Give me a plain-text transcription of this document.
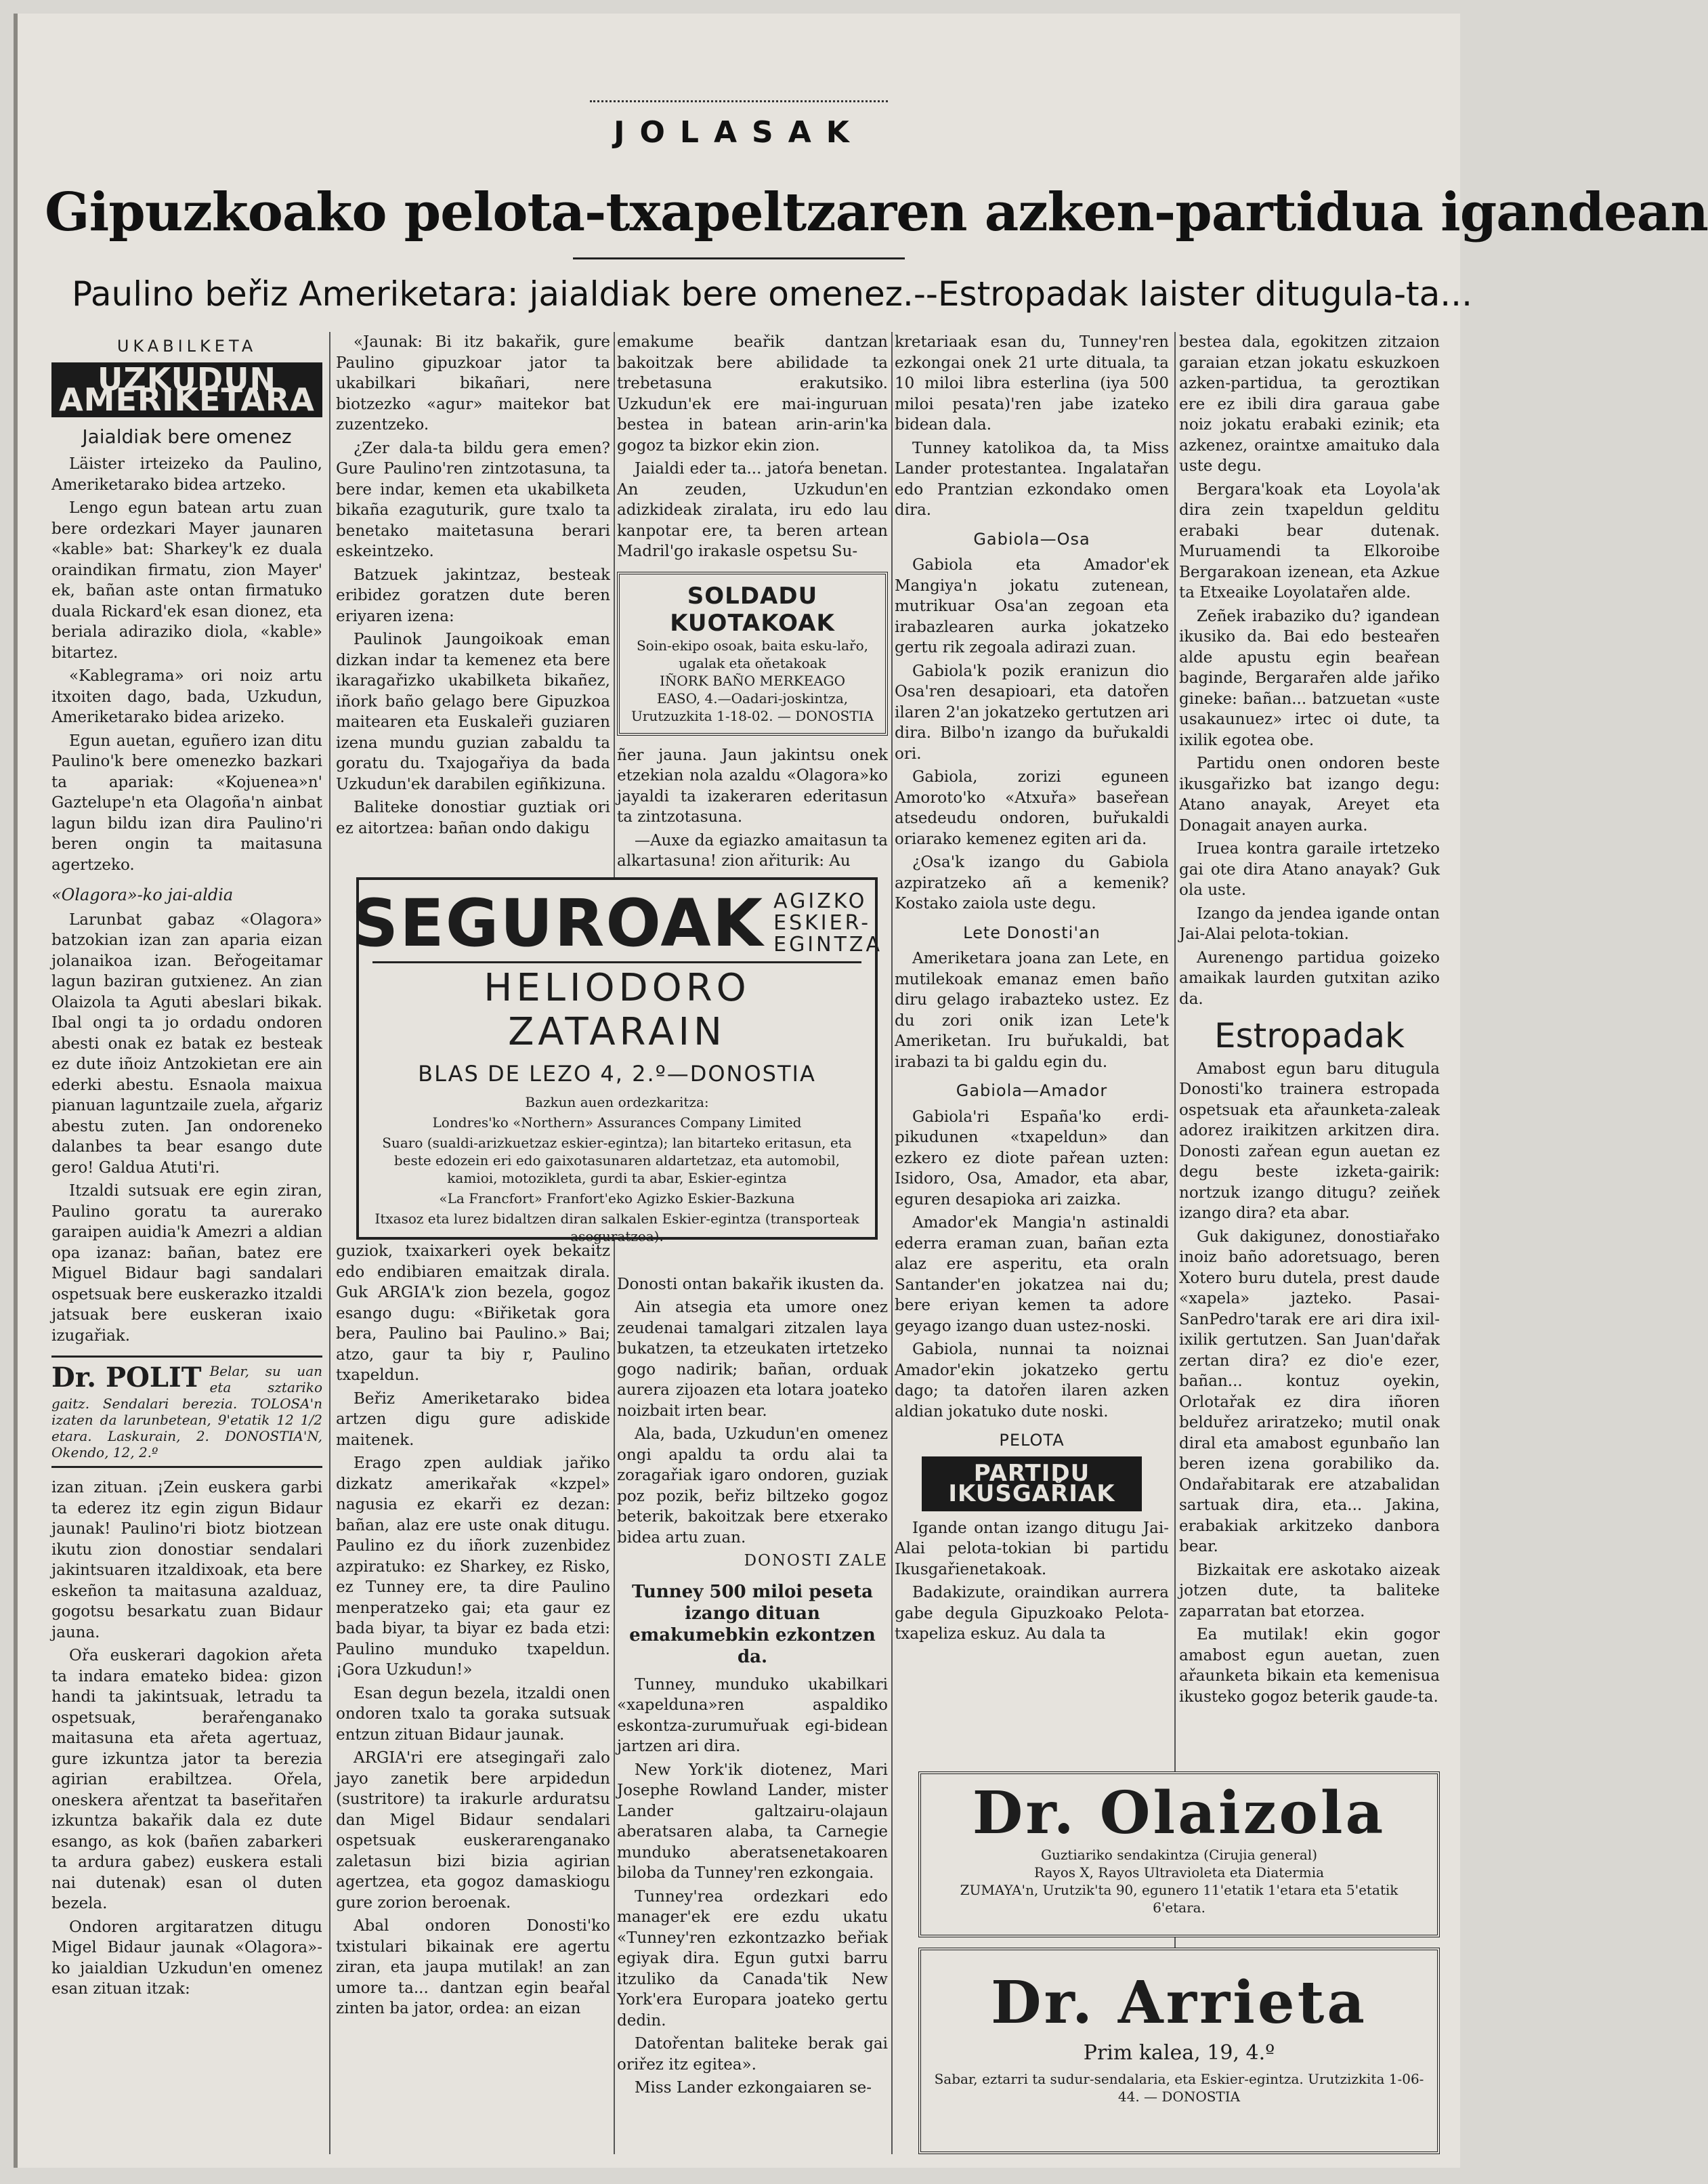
JOLASAK
Gipuzkoako pelota-txapeltzaren azken-partidua igandean
Paulino beřiz Ameriketara: jaialdiak bere omenez.--Estropadak laister ditugula-ta...
UKABILKETA
UZKUDUN AMERIKETARA
Jaialdiak bere omenez

Läister irteizeko da Paulino, Ameriketarako bidea artzeko.

Lengo egun batean artu zuan bere ordezkari Mayer jaunaren «kable» bat: Sharkey'k ez duala oraindikan firmatu, zion Mayer' ek, bañan aste ontan firmatuko duala Rickard'ek esan dionez, eta beriala adiraziko diola, «kable» bitartez.

«Kablegrama» ori noiz artu itxoiten dago, bada, Uzkudun, Ameriketarako bidea arizeko.

Egun auetan, eguñero izan ditu Paulino'k bere omenezko bazkari ta apariak: «Kojuenea»n' Gaztelupe'n eta Olagoña'n ainbat lagun bildu izan dira Paulino'ri beren ongin ta maitasuna agertzeko.

«Olagora»-ko jai-aldia

Larunbat gabaz «Olagora» batzokian izan zan aparia eizan jolanaikoa izan. Beřogeitamar lagun baziran gutxienez. An zian Olaizola ta Aguti abeslari bikak. Ibal ongi ta jo ordadu ondoren abesti onak ez batak ez besteak ez dute iñoiz Antzokietan ere ain ederki abestu. Esnaola maixua pianuan laguntzaile zuela, ařgariz abestu zuten. Jan ondoreneko dalanbes ta bear esango dute gero! Galdua Atuti'ri.

Itzaldi sutsuak ere egin ziran, Paulino goratu ta aurerako garaipen auidia'k Amezri a aldian opa izanaz: bañan, batez ere Miguel Bidaur bagi sandalari ospetsuak bere euskerazko itzaldi jatsuak bere euskeran ixaio izugařiak.

Dr. POLIT Belar, su uan eta sztariko gaitz. Sendalari berezia. TOLOSA'n izaten da larunbetean, 9'etatik 12 1/2 etara. Laskurain, 2. DONOSTIA'N, Okendo, 12, 2.º

izan zituan. ¡Zein euskera garbi ta ederez itz egin zigun Bidaur jaunak! Paulino'ri biotz biotzean ikutu zion donostiar sendalari jakintsuaren itzaldixoak, eta bere eskeñon ta maitasuna azalduaz, gogotsu besarkatu zuan Bidaur jauna.

Ořa euskerari dagokion ařeta ta indara emateko bidea: gizon handi ta jakintsuak, letradu ta ospetsuak, berařenganako maitasuna eta ařeta agertuaz, gure izkuntza jator ta berezia agirian erabiltzea. Ořela, oneskera ařentzat ta baseřitařen izkuntza bakařik dala ez dute esango, as kok (bañen zabarkeri ta ardura gabez) euskera estali nai dutenak) esan ol duten bezela.

Ondoren argitaratzen ditugu Migel Bidaur jaunak «Olagora»-ko jaialdian Uzkudun'en omenez esan zituan itzak:

«Jaunak: Bi itz bakařik, gure Paulino gipuzkoar jator ta ukabilkari bikañari, nere biotzezko «agur» maitekor bat zuzentzeko.

¿Zer dala-ta bildu gera emen? Gure Paulino'ren zintzotasuna, ta bere indar, kemen eta ukabilketa bikaña ezaguturik, gure txalo ta benetako maitetasuna berari eskeintzeko.

Batzuek jakintzaz, besteak eribidez goratzen dute beren eriyaren izena:

Paulinok Jaungoikoak eman dizkan indar ta kemenez eta bere ikaragařizko ukabilketa bikañez, iñork baño gelago bere Gipuzkoa maitearen eta Euskaleři guziaren izena mundu guzian zabaldu ta goratu du. Txajogařiya da bada Uzkudun'ek darabilen egiñkizuna.

Baliteke donostiar guztiak ori ez aitortzea: bañan ondo dakigu

guziok, txaixarkeri oyek bekaitz edo endibiaren emaitzak dirala. Guk ARGIA'k zion bezela, gogoz esango dugu: «Biřiketak gora bera, Paulino bai Paulino.» Bai; atzo, gaur ta biy r, Paulino txapeldun.

Beřiz Ameriketarako bidea artzen digu gure adiskide maitenek.

Erago zpen auldiak jařiko dizkatz amerikařak «kzpel» nagusia ez ekarři ez dezan: bañan, alaz ere uste onak ditugu. Paulino ez du iñork zuzenbidez azpiratuko: ez Sharkey, ez Risko, ez Tunney ere, ta dire Paulino menperatzeko gai; eta gaur ez bada biyar, ta biyar ez bada etzi: Paulino munduko txapeldun. ¡Gora Uzkudun!»

Esan degun bezela, itzaldi onen ondoren txalo ta goraka sutsuak entzun zituan Bidaur jaunak.

ARGIA'ri ere atsegingaři zalo jayo zanetik bere arpidedun (sustritore) ta irakurle arduratsu dan Migel Bidaur sendalari ospetsuak euskerarenganako zaletasun bizi bizia agirian agertzea, eta gogoz damaskiogu gure zorion beroenak.

Abal ondoren Donosti'ko txistulari bikainak ere agertu ziran, eta jaupa mutilak! an zan umore ta... dantzan egin beařal zinten ba jator, ordea: an eizan

emakume beařik dantzan bakoitzak bere abilidade ta trebetasuna erakutsiko. Uzkudun'ek ere mai-inguruan bestea in batean arin-arin'ka gogoz ta bizkor ekin zion.

Jaialdi eder ta... jatoŕa benetan. An zeuden, Uzkudun'en adizkideak ziralata, iru edo lau kanpotar ere, ta beren artean Madril'go irakasle ospetsu Su-

SOLDADU KUOTAKOAK
Soin-ekipo osoak, baita esku-lařo, ugalak eta oňetakoak
IÑORK BAÑO MERKEAGO
EASO, 4.—Oadari-joskintza, Urutzuzkita 1-18-02. — DONOSTIA

ñer jauna. Jaun jakintsu onek etzekian nola azaldu «Olagora»ko jayaldi ta izakeraren ederitasun ta zintzotasuna.

—Auxe da egiazko amaitasun ta alkartasuna! zion ařiturik: Au

Donosti ontan bakařik ikusten da.

Ain atsegia eta umore onez zeudenai tamalgari zitzalen laya bukatzen, ta etzeukaten irtetzeko gogo nadirik; bañan, orduak aurera zijoazen eta lotara joateko noizbait irten bear.

Ala, bada, Uzkudun'en omenez ongi apaldu ta ordu alai ta zoragařiak igaro ondoren, guziak poz pozik, beřiz biltzeko gogoz beterik, bakoitzak bere etxerako bidea artu zuan.

DONOSTI ZALE
Tunney 500 miloi peseta izango dituan emakumebkin ezkontzen da.

Tunney, munduko ukabilkari «xapelduna»ren aspaldiko eskontza-zurumuřuak egi-bidean jartzen ari dira.

New York'ik diotenez, Mari Josephe Rowland Lander, mister Lander galtzairu-olajaun aberatsaren alaba, ta Carnegie munduko aberatsenetakoaren biloba da Tunney'ren ezkongaia.

Tunney'rea ordezkari edo manager'ek ere ezdu ukatu «Tunney'ren ezkontzazko beřiak egiyak dira. Egun gutxi barru itzuliko da Canada'tik New York'era Europara joateko gertu dedin.

Datořentan baliteke berak gai oriřez itz egitea».

Miss Lander ezkongaiaren se-

kretariaak esan du, Tunney'ren ezkongai onek 21 urte dituala, ta 10 miloi libra esterlina (iya 500 miloi pesata)'ren jabe izateko bidean dala.

Tunney katolikoa da, ta Miss Lander protestantea. Ingalatařan edo Prantzian ezkondako omen dira.

Gabiola—Osa

Gabiola eta Amador'ek Mangiya'n jokatu zutenean, mutrikuar Osa'an zegoan eta irabazlearen aurka jokatzeko gertu rik zegoala adirazi zuan.

Gabiola'k pozik eranizun dio Osa'ren desapioari, eta datořen ilaren 2'an jokatzeko gertutzen ari dira. Bilbo'n izango da buřukaldi ori.

Gabiola, zorizi eguneen Amoroto'ko «Atxuřa» baseřean atsedeudu ondoren, buřukaldi oriarako kemenez egiten ari da.

¿Osa'k izango du Gabiola azpiratzeko añ a kemenik? Kostako zaiola uste degu.

Lete Donosti'an

Ameriketara joana zan Lete, en mutilekoak emanaz emen baño diru gelago irabazteko ustez. Ez du zori onik izan Lete'k Ameriketan. Iru buřukaldi, bat irabazi ta bi galdu egin du.

Gabiola—Amador

Gabiola'ri España'ko erdi-pikudunen «txapeldun» dan ezkero ez diote pařean uzten: Isidoro, Osa, Amador, eta abar, eguren desapioka ari zaizka.

Amador'ek Mangia'n astinaldi ederra eraman zuan, bañan ezta alaz ere asperitu, eta oraln Santander'en jokatzea nai du; bere eriyan kemen ta adore geyago izango duan ustez-noski.

Gabiola, nunnai ta noiznai Amador'ekin jokatzeko gertu dago; ta datořen ilaren azken aldian jokatuko dute noski.

PELOTA
PARTIDU IKUSGAŘIAK

Igande ontan izango ditugu Jai-Alai pelota-tokian bi partidu Ikusgařienetakoak.

Badakizute, oraindikan aurrera gabe degula Gipuzkoako Pelota-txapeliza eskuz. Au dala ta

bestea dala, egokitzen zitzaion garaian etzan jokatu eskuzkoen azken-partidua, ta geroztikan ere ez ibili dira garaua gabe noiz jokatu erabaki ezinik; eta azkenez, oraintxe amaituko dala uste degu.

Bergara'koak eta Loyola'ak dira zein txapeldun gelditu erabaki bear dutenak. Muruamendi ta Elkoroibe Bergarakoan izenean, eta Azkue ta Etxeaike Loyolatařen alde.

Zeñek irabaziko du? igandean ikusiko da. Bai edo besteařen alde apustu egin beařean baginde, Bergarařen alde jařiko gineke: bañan... batzuetan «uste usakaunuez» irtec oi dute, ta ixilik egotea obe.

Partidu onen ondoren beste ikusgařizko bat izango degu: Atano anayak, Areyet eta Donagait anayen aurka.

Iruea kontra garaile irtetzeko gai ote dira Atano anayak? Guk ola uste.

Izango da jendea igande ontan Jai-Alai pelota-tokian.

Aurenengo partidua goizeko amaikak laurden gutxitan aziko da.

Estropadak

Amabost egun baru ditugula Donosti'ko trainera estropada ospetsuak eta ařaunketa-zaleak adorez iraikitzen arkitzen dira. Donosti zařean egun auetan ez degu beste izketa-gairik: nortzuk izango ditugu? zeiňek izango dira? eta abar.

Guk dakigunez, donostiařako inoiz baño adoretsuago, beren Xotero buru dutela, prest daude «xapela» jazteko. Pasai-SanPedro'tarak ere ari dira ixil-ixilik gertutzen. San Juan'dařak zertan dira? ez dio'e ezer, bañan... kontuz oyekin, Orlotařak ez dira iñoren belduřez ariratzeko; mutil onak diral eta amabost egunbaño lan beren izena gorabiliko da. Ondařabitarak ere atzabalidan sartuak dira, eta... Jakina, erabakiak arkitzeko danbora bear.

Bizkaitak ere askotako aizeak jotzen dute, ta baliteke zaparratan bat etorzea.

Ea mutilak! ekin gogor amabost egun auetan, zuen ařaunketa bikain eta kemenisua ikusteko gogoz beterik gaude-ta.

SEGUROAK AGIZKO
ESKIER-
EGINTZA
HELIODORO ZATARAIN
BLAS DE LEZO 4, 2.º—DONOSTIA
Bazkun auen ordezkaritza:
Londres'ko «Northern» Assurances Company Limited
Suaro (sualdi-arizkuetzaz eskier-egintza); lan bitarteko eritasun, eta beste edozein eri edo gaixotasunaren aldartetzaz, eta automobil, kamioi, motozikleta, gurdi ta abar, Eskier-egintza
«La Francfort» Franfort'eko Agizko Eskier-Bazkuna
Itxasoz eta lurez bidaltzen diran salkalen Eskier-egintza (transporteak aseguratzea).
Dr. Olaizola
Guztiariko sendakintza (Cirujia general)
Rayos X, Rayos Ultravioleta eta Diatermia
ZUMAYA'n, Urutzik'ta 90, egunero 11'etatik 1'etara eta 5'etatik 6'etara.
Dr. Arrieta
Prim kalea, 19, 4.º
Sabar, eztarri ta sudur-sendalaria, eta Eskier-egintza. Urutzizkita 1-06-44. — DONOSTIA
